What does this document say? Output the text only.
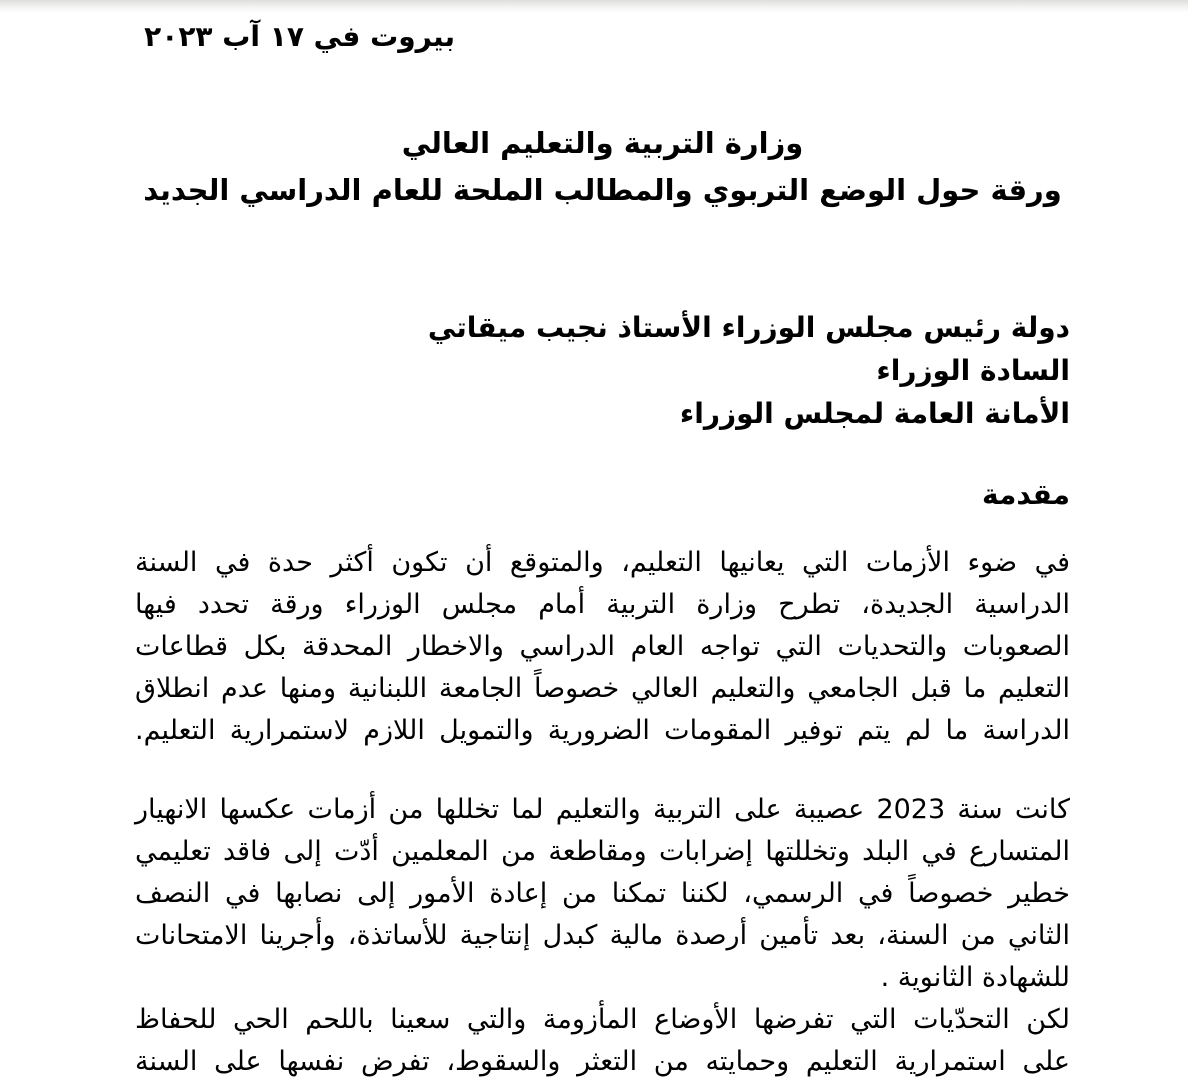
بيروت في ١٧ آب ٢٠٢٣
وزارة التربية والتعليم العالي
ورقة حول الوضع التربوي والمطالب الملحة للعام الدراسي الجديد
دولة رئيس مجلس الوزراء الأستاذ نجيب ميقاتي
السادة الوزراء
الأمانة العامة لمجلس الوزراء
مقدمة
في ضوء الأزمات التي يعانيها التعليم، والمتوقع أن تكون أكثر حدة في السنة
الدراسية الجديدة، تطرح وزارة التربية أمام مجلس الوزراء ورقة تحدد فيها
الصعوبات والتحديات التي تواجه العام الدراسي والاخطار المحدقة بكل قطاعات
التعليم ما قبل الجامعي والتعليم العالي خصوصاً الجامعة اللبنانية ومنها عدم انطلاق
الدراسة ما لم يتم توفير المقومات الضرورية والتمويل اللازم لاستمرارية التعليم.
كانت سنة 2023 عصيبة على التربية والتعليم لما تخللها من أزمات عكسها الانهيار
المتسارع في البلد وتخللتها إضرابات ومقاطعة من المعلمين أدّت إلى فاقد تعليمي
خطير خصوصاً في الرسمي، لكننا تمكنا من إعادة الأمور إلى نصابها في النصف
الثاني من السنة، بعد تأمين أرصدة مالية كبدل إنتاجية للأساتذة، وأجرينا الامتحانات
للشهادة الثانوية .
لكن التحدّيات التي تفرضها الأوضاع المأزومة والتي سعينا باللحم الحي للحفاظ
على استمرارية التعليم وحمايته من التعثر والسقوط، تفرض نفسها على السنة
